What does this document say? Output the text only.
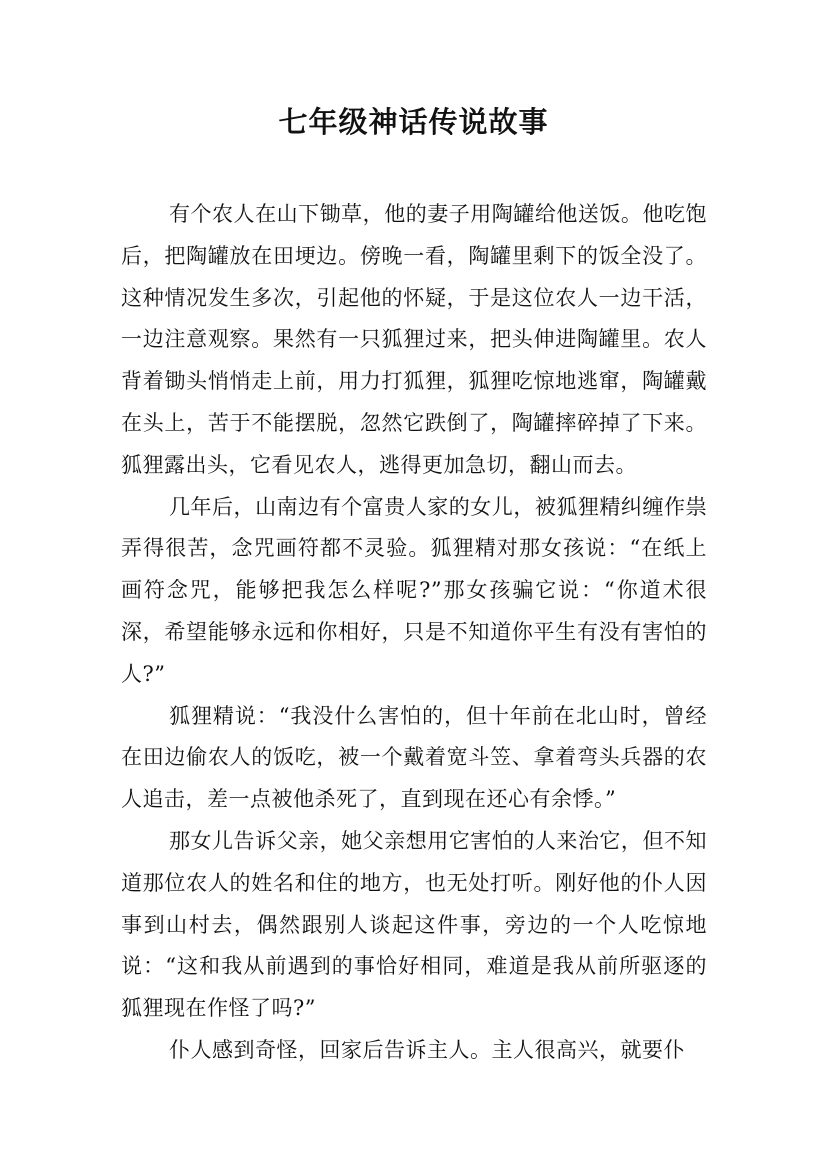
七年级神话传说故事

有个农人在山下锄草，他的妻子用陶罐给他送饭。他吃饱后，把陶罐放在田埂边。傍晚一看，陶罐里剩下的饭全没了。这种情况发生多次，引起他的怀疑，于是这位农人一边干活，一边注意观察。果然有一只狐狸过来，把头伸进陶罐里。农人背着锄头悄悄走上前，用力打狐狸，狐狸吃惊地逃窜，陶罐戴在头上，苦于不能摆脱，忽然它跌倒了，陶罐摔碎掉了下来。狐狸露出头，它看见农人，逃得更加急切，翻山而去。

几年后，山南边有个富贵人家的女儿，被狐狸精纠缠作祟弄得很苦，念咒画符都不灵验。狐狸精对那女孩说：“在纸上画符念咒，能够把我怎么样呢?”那女孩骗它说：“你道术很深，希望能够永远和你相好，只是不知道你平生有没有害怕的人?”

狐狸精说：“我没什么害怕的，但十年前在北山时，曾经在田边偷农人的饭吃，被一个戴着宽斗笠、拿着弯头兵器的农人追击，差一点被他杀死了，直到现在还心有余悸。”

那女儿告诉父亲，她父亲想用它害怕的人来治它，但不知道那位农人的姓名和住的地方，也无处打听。刚好他的仆人因事到山村去，偶然跟别人谈起这件事，旁边的一个人吃惊地说：“这和我从前遇到的事恰好相同，难道是我从前所驱逐的狐狸现在作怪了吗?”

仆人感到奇怪，回家后告诉主人。主人很高兴，就要仆
